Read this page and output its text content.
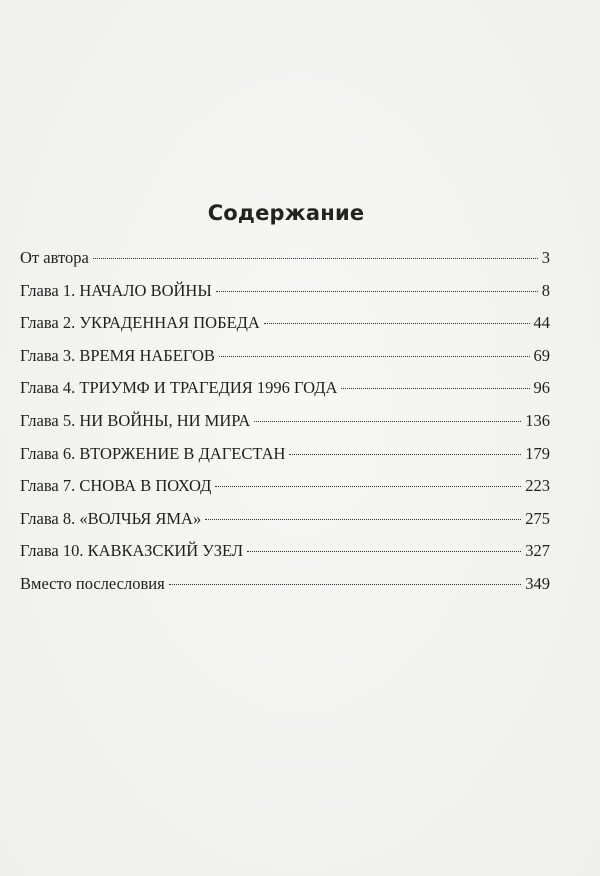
Содержание
От автора	3
Глава 1. НАЧАЛО ВОЙНЫ	8
Глава 2. УКРАДЕННАЯ ПОБЕДА	44
Глава 3. ВРЕМЯ НАБЕГОВ	69
Глава 4. ТРИУМФ И ТРАГЕДИЯ 1996 ГОДА	96
Глава 5. НИ ВОЙНЫ, НИ МИРА	136
Глава 6. ВТОРЖЕНИЕ В ДАГЕСТАН	179
Глава 7. СНОВА В ПОХОД	223
Глава 8. «ВОЛЧЬЯ ЯМА»	275
Глава 10. КАВКАЗСКИЙ УЗЕЛ	327
Вместо послесловия	349
